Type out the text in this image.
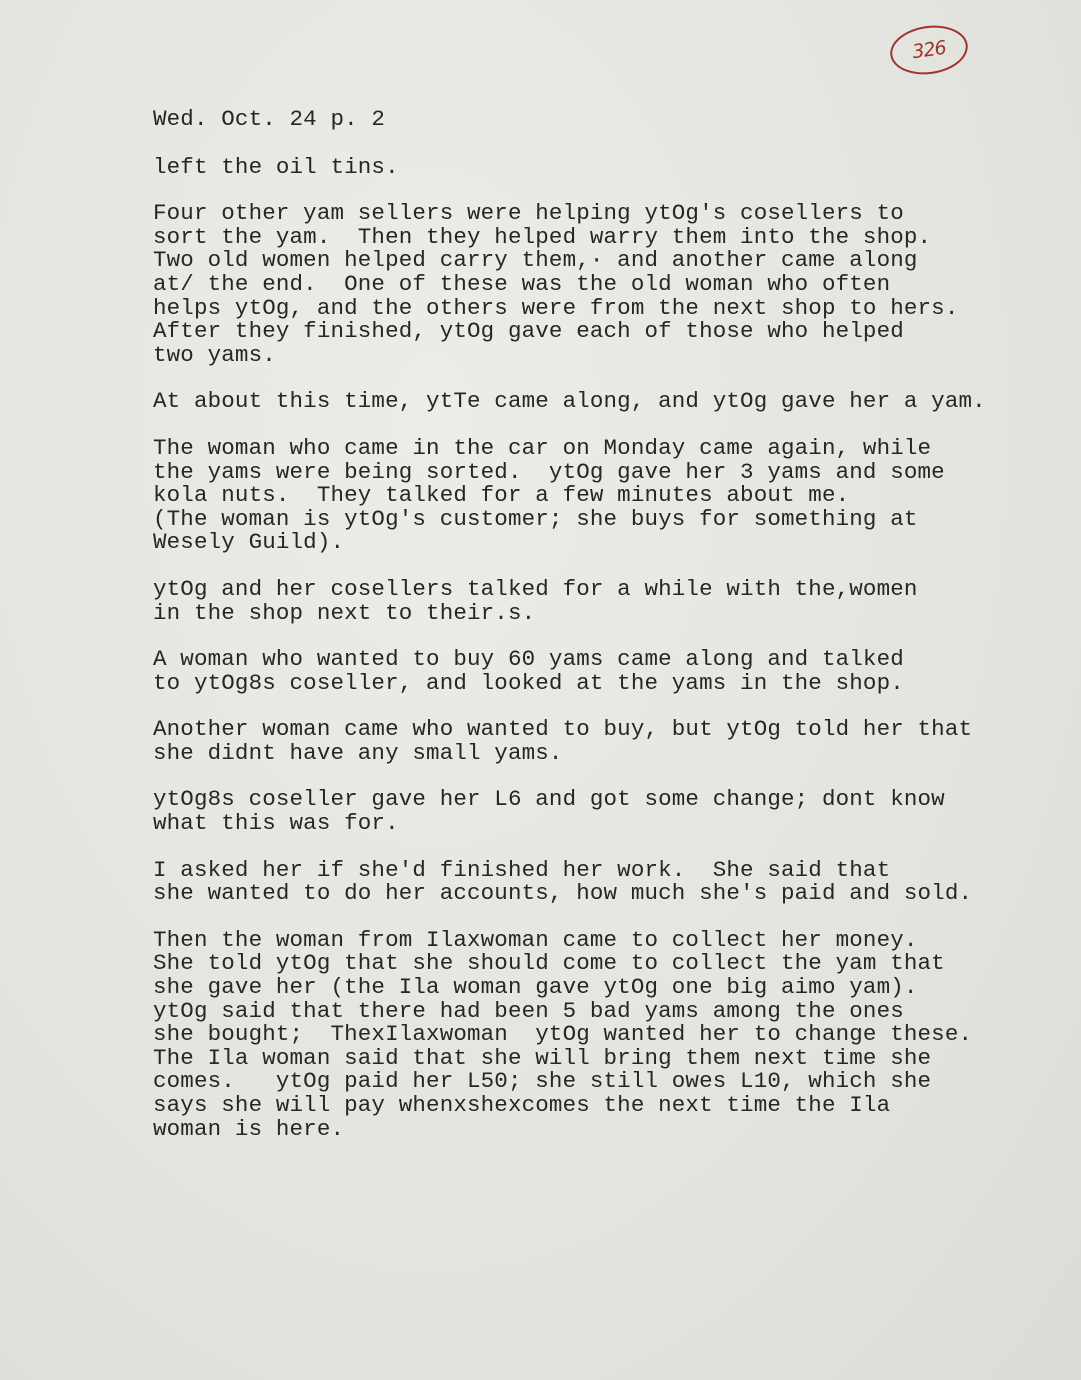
326
Wed. Oct. 24 p. 2
left the oil tins.
Four other yam sellers were helping ytOg's cosellers to
sort the yam.  Then they helped warry them into the shop.
Two old women helped carry them,· and another came along
at/ the end.  One of these was the old woman who often
helps ytOg, and the others were from the next shop to hers.
After they finished, ytOg gave each of those who helped
two yams.
At about this time, ytTe came along, and ytOg gave her a yam.
The woman who came in the car on Monday came again, while
the yams were being sorted.  ytOg gave her 3 yams and some
kola nuts.  They talked for a few minutes about me.
(The woman is ytOg's customer; she buys for something at
Wesely Guild).
ytOg and her cosellers talked for a while with the,women
in the shop next to their.s.
A woman who wanted to buy 60 yams came along and talked
to ytOg8s coseller, and looked at the yams in the shop.
Another woman came who wanted to buy, but ytOg told her that
she didnt have any small yams.
ytOg8s coseller gave her L6 and got some change; dont know
what this was for.
I asked her if she'd finished her work.  She said that
she wanted to do her accounts, how much she's paid and sold.
Then the woman from Ilaxwoman came to collect her money.
She told ytOg that she should come to collect the yam that
she gave her (the Ila woman gave ytOg one big aimo yam).
ytOg said that there had been 5 bad yams among the ones
she bought;  ThexIlaxwoman  ytOg wanted her to change these.
The Ila woman said that she will bring them next time she
comes.   ytOg paid her L50; she still owes L10, which she
says she will pay whenxshexcomes the next time the Ila
woman is here.
